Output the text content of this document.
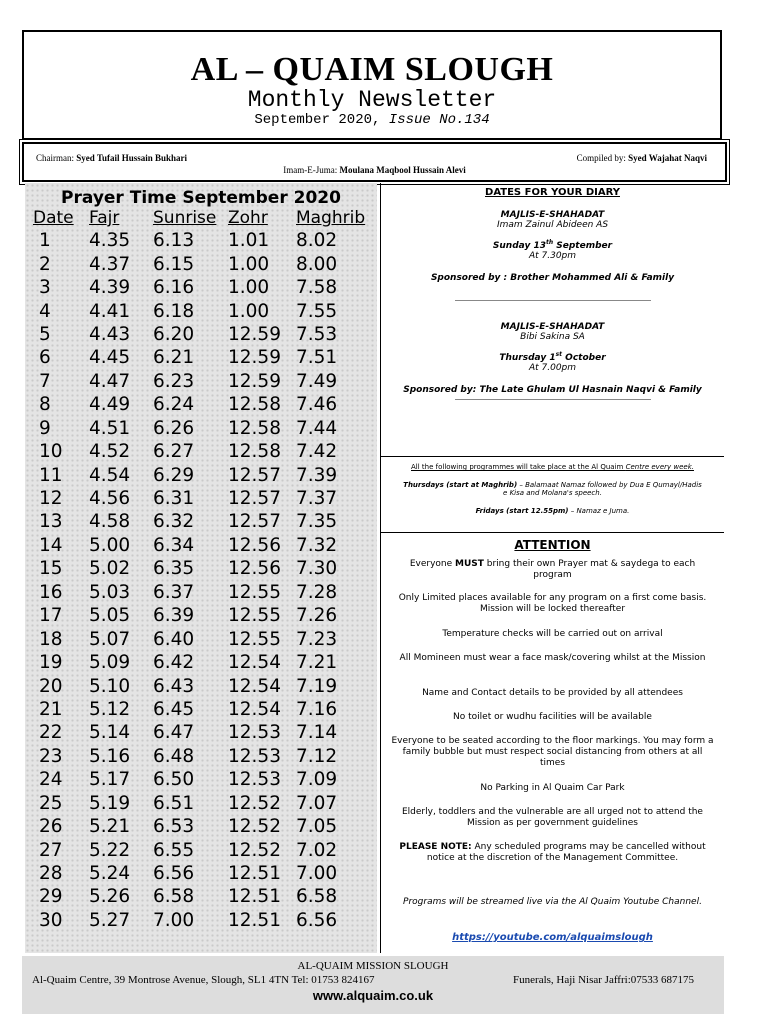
AL – QUAIM SLOUGH
Monthly Newsletter
September 2020, Issue No.134
Chairman: Syed Tufail Hussain Bukhari	Compiled by: Syed Wajahat Naqvi
Imam-E-Juma: Moulana Maqbool Hussain Alevi
Prayer Time September 2020
Date	Fajr	Sunrise	Zohr	Maghrib
1	4.35	6.13	1.01	8.02
2	4.37	6.15	1.00	8.00
3	4.39	6.16	1.00	7.58
4	4.41	6.18	1.00	7.55
5	4.43	6.20	12.59	7.53
6	4.45	6.21	12.59	7.51
7	4.47	6.23	12.59	7.49
8	4.49	6.24	12.58	7.46
9	4.51	6.26	12.58	7.44
10	4.52	6.27	12.58	7.42
11	4.54	6.29	12.57	7.39
12	4.56	6.31	12.57	7.37
13	4.58	6.32	12.57	7.35
14	5.00	6.34	12.56	7.32
15	5.02	6.35	12.56	7.30
16	5.03	6.37	12.55	7.28
17	5.05	6.39	12.55	7.26
18	5.07	6.40	12.55	7.23
19	5.09	6.42	12.54	7.21
20	5.10	6.43	12.54	7.19
21	5.12	6.45	12.54	7.16
22	5.14	6.47	12.53	7.14
23	5.16	6.48	12.53	7.12
24	5.17	6.50	12.53	7.09
25	5.19	6.51	12.52	7.07
26	5.21	6.53	12.52	7.05
27	5.22	6.55	12.52	7.02
28	5.24	6.56	12.51	7.00
29	5.26	6.58	12.51	6.58
30	5.27	7.00	12.51	6.56
DATES FOR YOUR DIARY
MAJLIS-E-SHAHADAT
Imam Zainul Abideen AS
Sunday 13th September
At 7.30pm
Sponsored by : Brother Mohammed Ali & Family
MAJLIS-E-SHAHADAT
Bibi Sakina SA
Thursday 1st October
At 7.00pm
Sponsored by: The Late Ghulam Ul Hasnain Naqvi & Family
All the following programmes will take place at the Al Quaim Centre every week.
Thursdays (start at Maghrib) – Balamaat Namaz followed by Dua E Qumayl/Hadis e Kisa and Molana's speech.
Fridays (start 12.55pm) – Namaz e Juma.
ATTENTION
Everyone MUST bring their own Prayer mat & saydega to each program
Only Limited places available for any program on a first come basis. Mission will be locked thereafter
Temperature checks will be carried out on arrival
All Momineen must wear a face mask/covering whilst at the Mission
Name and Contact details to be provided by all attendees
No toilet or wudhu facilities will be available
Everyone to be seated according to the floor markings. You may form a family bubble but must respect social distancing from others at all times
No Parking in Al Quaim Car Park
Elderly, toddlers and the vulnerable are all urged not to attend the Mission as per government guidelines
PLEASE NOTE: Any scheduled programs may be cancelled without notice at the discretion of the Management Committee.
Programs will be streamed live via the Al Quaim Youtube Channel.
https://youtube.com/alquaimslough
AL-QUAIM MISSION SLOUGH
Al-Quaim Centre, 39 Montrose Avenue, Slough, SL1 4TN Tel: 01753 824167	Funerals, Haji Nisar Jaffri:07533 687175
www.alquaim.co.uk
